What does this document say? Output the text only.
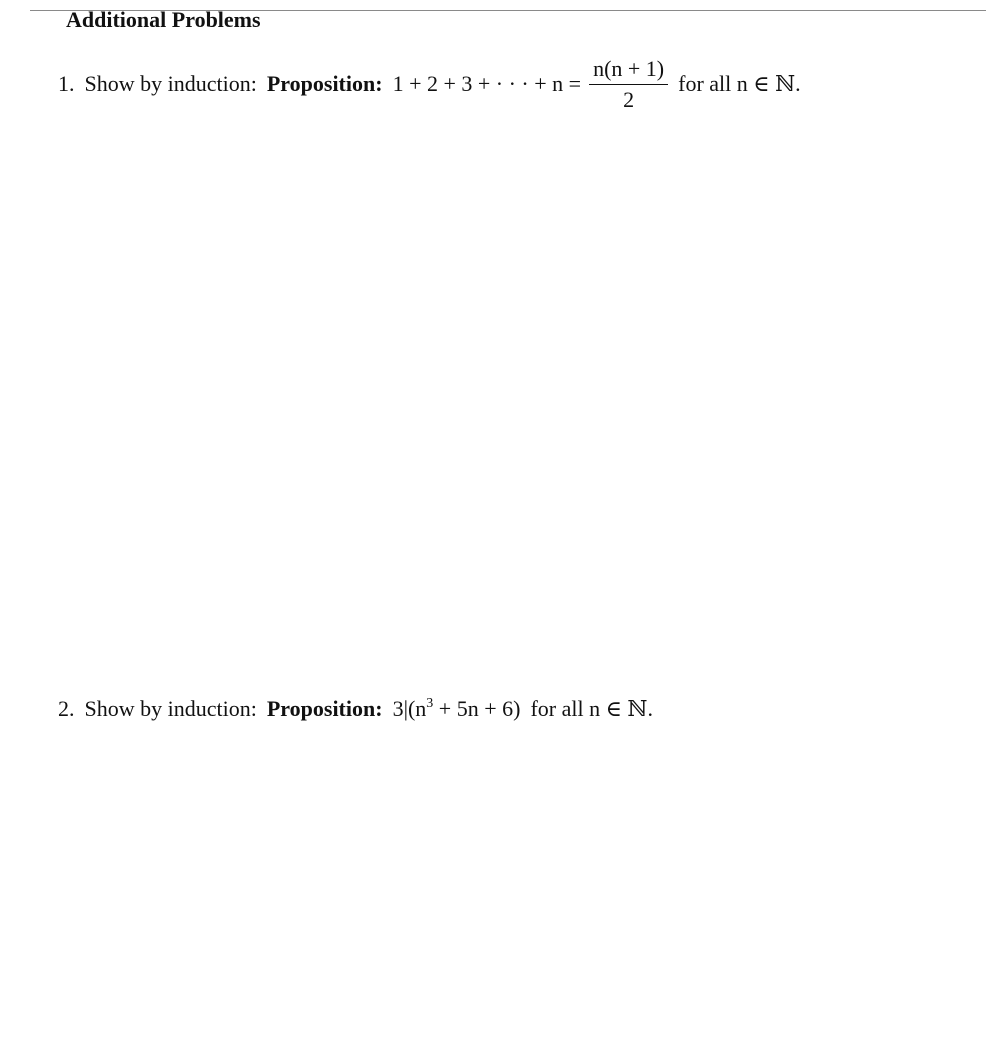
Additional Problems
1. Show by induction: Proposition: 1 + 2 + 3 + · · · + $n = \frac{n(n + 1)}{2}$ for all n ∈ ℕ.
2. Show by induction: Proposition: $3|(n^3 + 5n + 6)$ for all n ∈ ℕ.
